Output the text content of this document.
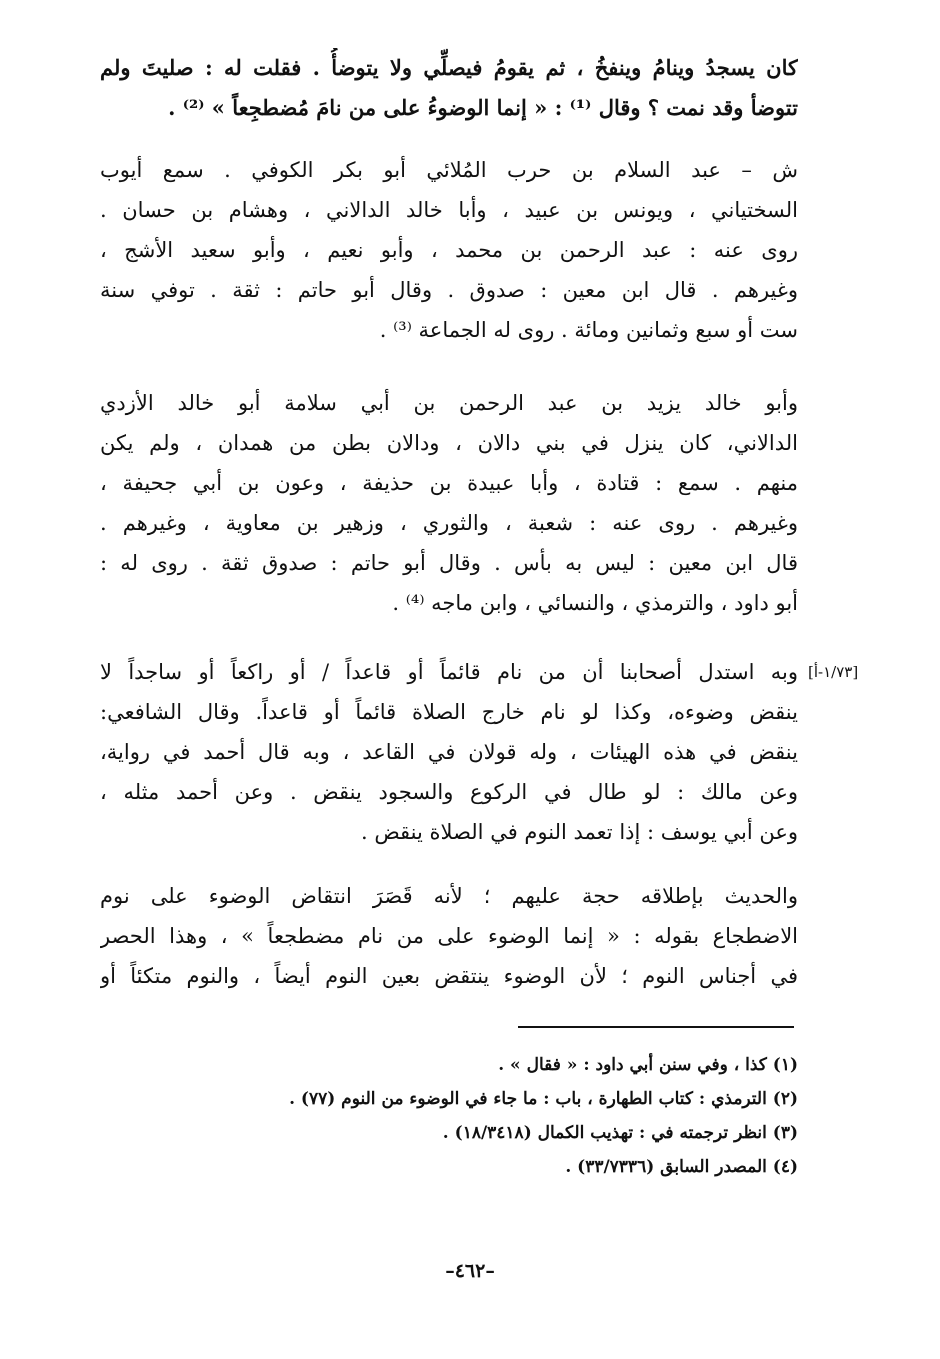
كان يسجدُ وينامُ وينفخُ ، ثم يقومُ فيصلِّي ولا يتوضأُ . فقلت له : صليتَ ولم
تتوضأ وقد نمت ؟ وقال ⁽¹⁾ : « إنما الوضوءُ على من نامَ مُضطجِعاً » ⁽²⁾ .
ش – عبد السلام بن حرب المُلائي أبو بكر الكوفي . سمع أيوب
السختياني ، ويونس بن عبيد ، وأبا خالد الدالاني ، وهشام بن حسان .
روى عنه : عبد الرحمن بن محمد ، وأبو نعيم ، وأبو سعيد الأشج ،
وغيرهم . قال ابن معين : صدوق . وقال أبو حاتم : ثقة . توفي سنة
ست أو سبع وثمانين ومائة . روى له الجماعة ⁽³⁾ .
وأبو خالد يزيد بن عبد الرحمن بن أبي سلامة أبو خالد الأزدي
الدالاني، كان ينزل في بني دالان ، ودالان بطن من همدان ، ولم يكن
منهم . سمع : قتادة ، وأبا عبيدة بن حذيفة ، وعون بن أبي جحيفة ،
وغيرهم . روى عنه : شعبة ، والثوري ، وزهير بن معاوية ، وغيرهم .
قال ابن معين : ليس به بأس . وقال أبو حاتم : صدوق ثقة . روى له :
أبو داود ، والترمذي ، والنسائي ، وابن ماجه ⁽⁴⁾ .
[١/٧٣-أ]
وبه استدل أصحابنا أن من نام قائماً أو قاعداً / أو راكعاً أو ساجداً لا
ينقض وضوءه، وكذا لو نام خارج الصلاة قائماً أو قاعداً. وقال الشافعي:
ينقض في هذه الهيئات ، وله قولان في القاعد ، وبه قال أحمد في رواية،
وعن مالك : لو طال في الركوع والسجود ينقض . وعن أحمد مثله ،
وعن أبي يوسف : إذا تعمد النوم في الصلاة ينقض .
والحديث بإطلاقه حجة عليهم ؛ لأنه قَصَرَ انتقاض الوضوء على نوم
الاضطجاع بقوله : « إنما الوضوء على من نام مضطجعاً » ، وهذا الحصر
في أجناس النوم ؛ لأن الوضوء ينتقض بعين النوم أيضاً ، والنوم متكئاً أو
(١) كذا ، وفي سنن أبي داود : « فقال » .
(٢) الترمذي : كتاب الطهارة ، باب : ما جاء في الوضوء من النوم (٧٧) .
(٣) انظر ترجمته في : تهذيب الكمال (١٨/٣٤١٨) .
(٤) المصدر السابق (٣٣/٧٣٣٦) .
–٤٦٢–
